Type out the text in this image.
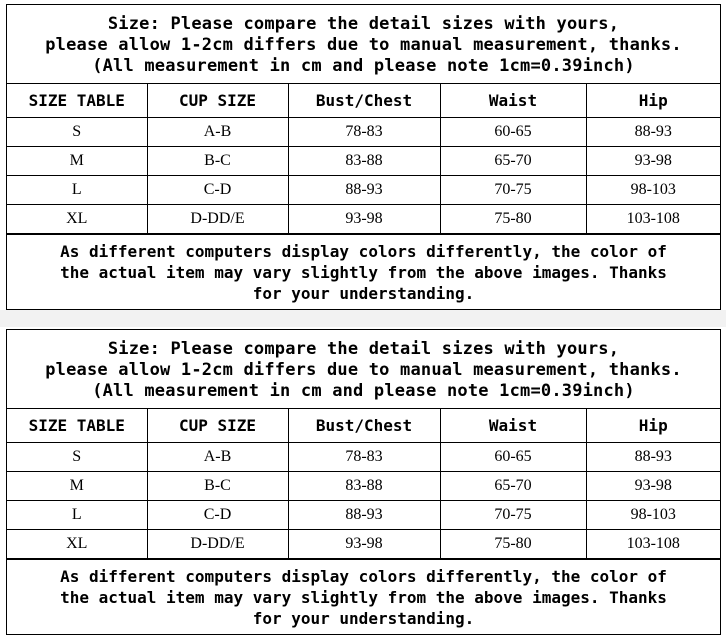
Size: Please compare the detail sizes with yours,
please allow 1-2cm differs due to manual measurement, thanks.
(All measurement in cm and please note 1cm=0.39inch)
SIZE TABLE	CUP SIZE	Bust/Chest	Waist	Hip
S	A-B	78-83	60-65	88-93
M	B-C	83-88	65-70	93-98
L	C-D	88-93	70-75	98-103
XL	D-DD/E	93-98	75-80	103-108
As different computers display colors differently, the color of
the actual item may vary slightly from the above images. Thanks
for your understanding.
Size: Please compare the detail sizes with yours,
please allow 1-2cm differs due to manual measurement, thanks.
(All measurement in cm and please note 1cm=0.39inch)
SIZE TABLE	CUP SIZE	Bust/Chest	Waist	Hip
S	A-B	78-83	60-65	88-93
M	B-C	83-88	65-70	93-98
L	C-D	88-93	70-75	98-103
XL	D-DD/E	93-98	75-80	103-108
As different computers display colors differently, the color of
the actual item may vary slightly from the above images. Thanks
for your understanding.
